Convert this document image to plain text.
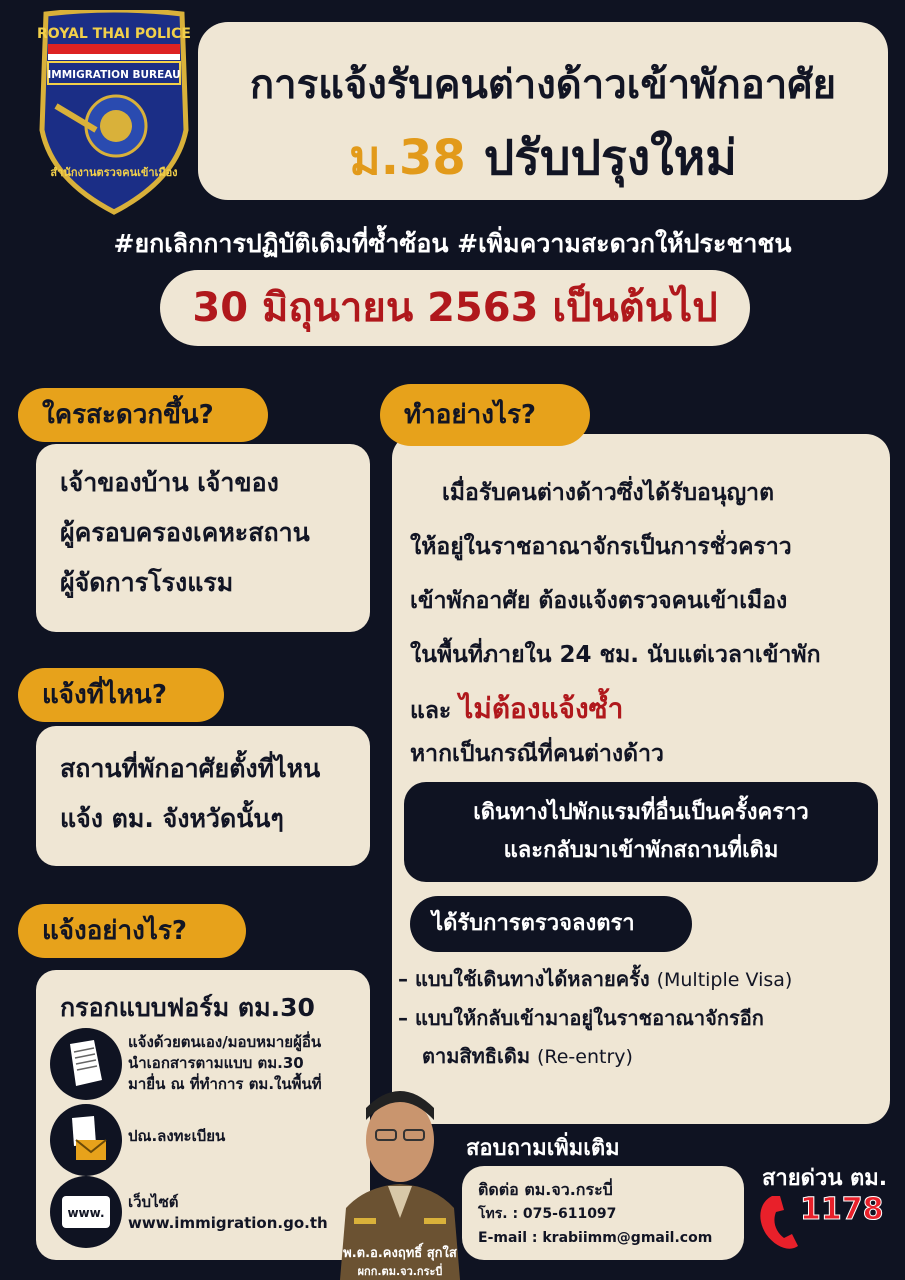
ROYAL THAI POLICE
IMMIGRATION BUREAU
สำนักงานตรวจคนเข้าเมือง
การแจ้งรับคนต่างด้าวเข้าพักอาศัย
ม.38 ปรับปรุงใหม่
#ยกเลิกการปฏิบัติเดิมที่ซ้ำซ้อน #เพิ่มความสะดวกให้ประชาชน
30 มิถุนายน 2563 เป็นต้นไป
ใครสะดวกขึ้น?
เจ้าของบ้าน เจ้าของ
ผู้ครอบครองเคหะสถาน
ผู้จัดการโรงแรม
แจ้งที่ไหน?
สถานที่พักอาศัยตั้งที่ไหน
แจ้ง ตม. จังหวัดนั้นๆ
แจ้งอย่างไร?
กรอกแบบฟอร์ม ตม.30
แจ้งด้วยตนเอง/มอบหมายผู้อื่น
นำเอกสารตามแบบ ตม.30
มายื่น ณ ที่ทำการ ตม.ในพื้นที่
ปณ.ลงทะเบียน
www.
เว็บไซต์
www.immigration.go.th
เมื่อรับคนต่างด้าวซึ่งได้รับอนุญาต
ให้อยู่ในราชอาณาจักรเป็นการชั่วคราว
เข้าพักอาศัย ต้องแจ้งตรวจคนเข้าเมือง
ในพื้นที่ภายใน 24 ชม. นับแต่เวลาเข้าพัก
และ ไม่ต้องแจ้งซ้ำ
หากเป็นกรณีที่คนต่างด้าว
เดินทางไปพักแรมที่อื่นเป็นครั้งคราว
และกลับมาเข้าพักสถานที่เดิม
ได้รับการตรวจลงตรา
– แบบใช้เดินทางได้หลายครั้ง (Multiple Visa)
– แบบให้กลับเข้ามาอยู่ในราชอาณาจักรอีก
ตามสิทธิเดิม (Re-entry)
ทำอย่างไร?
สอบถามเพิ่มเติม
ติดต่อ ตม.จว.กระบี่
โทร. : 075-611097
E-mail : krabiimm@gmail.com
สายด่วน ตม.
1178
พ.ต.อ.คงฤทธิ์ สุกใส
ผกก.ตม.จว.กระบี่
